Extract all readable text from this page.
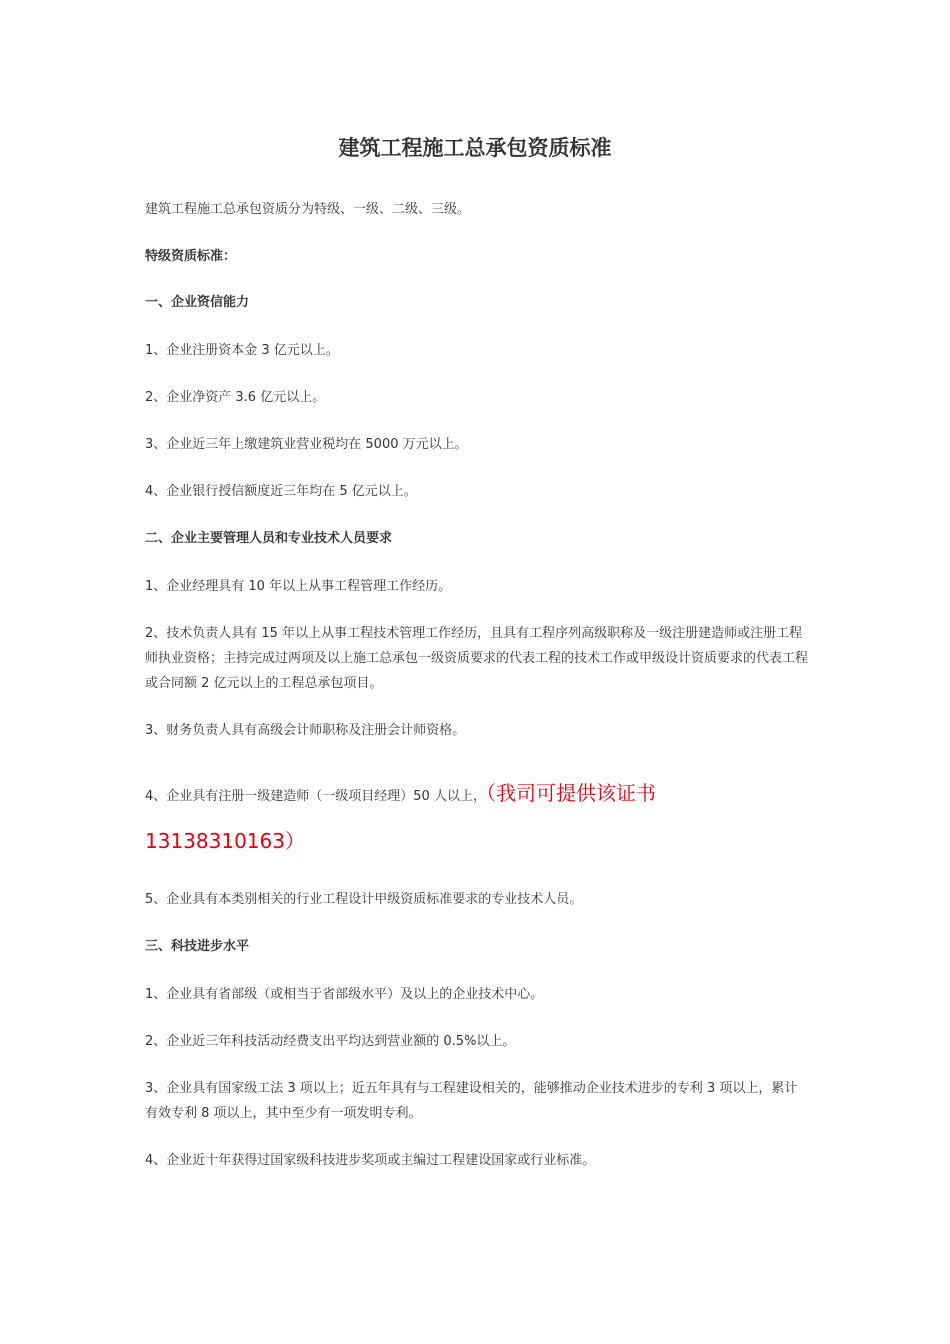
建筑工程施工总承包资质标准

建筑工程施工总承包资质分为特级、一级、二级、三级。

特级资质标准：

一、企业资信能力

1、企业注册资本金 3 亿元以上。

2、企业净资产 3.6 亿元以上。

3、企业近三年上缴建筑业营业税均在 5000 万元以上。

4、企业银行授信额度近三年均在 5 亿元以上。

二、企业主要管理人员和专业技术人员要求

1、企业经理具有 10 年以上从事工程管理工作经历。

2、技术负责人具有 15 年以上从事工程技术管理工作经历，且具有工程序列高级职称及一级注册建造师或注册工程师执业资格；主持完成过两项及以上施工总承包一级资质要求的代表工程的技术工作或甲级设计资质要求的代表工程或合同额 2 亿元以上的工程总承包项目。

3、财务负责人具有高级会计师职称及注册会计师资格。

4、企业具有注册一级建造师（一级项目经理）50 人以上，（我司可提供该证书

13138310163）

5、企业具有本类别相关的行业工程设计甲级资质标准要求的专业技术人员。

三、科技进步水平

1、企业具有省部级（或相当于省部级水平）及以上的企业技术中心。

2、企业近三年科技活动经费支出平均达到营业额的 0.5%以上。

3、企业具有国家级工法 3 项以上；近五年具有与工程建设相关的，能够推动企业技术进步的专利 3 项以上，累计有效专利 8 项以上，其中至少有一项发明专利。

4、企业近十年获得过国家级科技进步奖项或主编过工程建设国家或行业标准。
